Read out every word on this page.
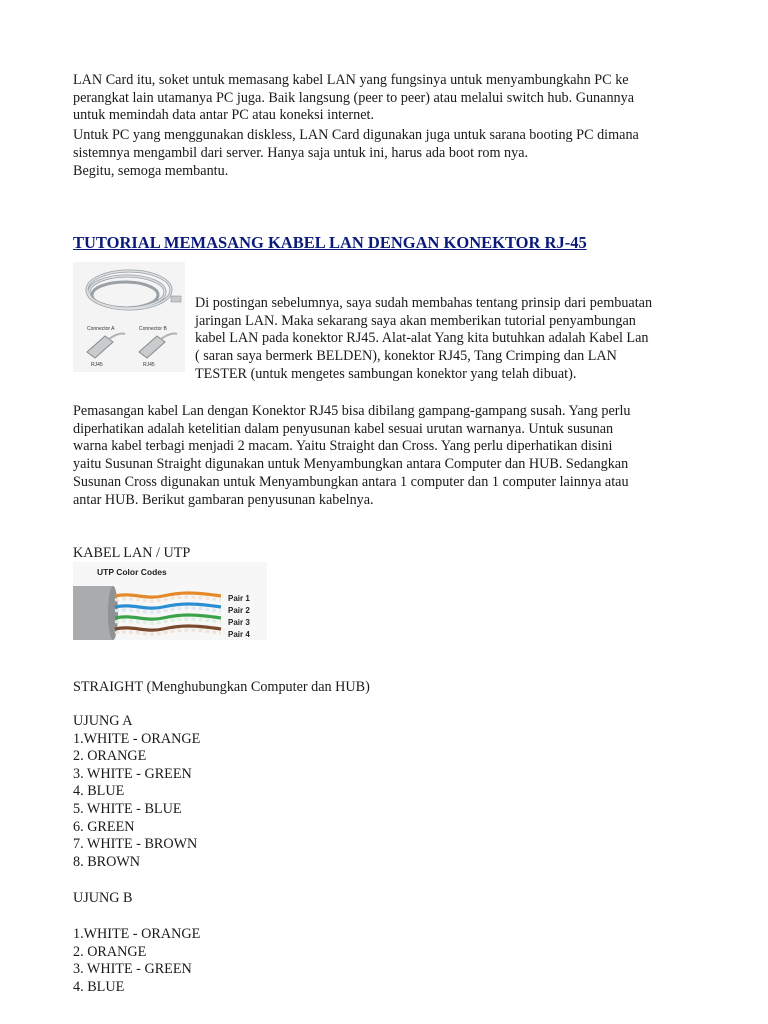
LAN Card itu, soket untuk memasang kabel LAN yang fungsinya untuk menyambungkahn PC ke
perangkat lain utamanya PC juga. Baik langsung (peer to peer) atau melalui switch hub. Gunannya
untuk memindah data antar PC atau koneksi internet.
Untuk PC yang menggunakan diskless, LAN Card digunakan juga untuk sarana booting PC dimana
sistemnya mengambil dari server. Hanya saja untuk ini, harus ada boot rom nya.
Begitu, semoga membantu.
TUTORIAL MEMASANG KABEL LAN DENGAN KONEKTOR RJ-45
Connector A	Connector B
RJ45	RJ45
Di postingan sebelumnya, saya sudah membahas tentang prinsip dari pembuatan
jaringan LAN. Maka sekarang saya akan memberikan tutorial penyambungan
kabel LAN pada konektor RJ45. Alat-alat Yang kita butuhkan adalah Kabel Lan
( saran saya bermerk BELDEN), konektor RJ45, Tang Crimping dan LAN
TESTER (untuk mengetes sambungan konektor yang telah dibuat).
Pemasangan kabel Lan dengan Konektor RJ45 bisa dibilang gampang-gampang susah. Yang perlu
diperhatikan adalah ketelitian dalam penyusunan kabel sesuai urutan warnanya. Untuk susunan
warna kabel terbagi menjadi 2 macam. Yaitu Straight dan Cross. Yang perlu diperhatikan disini
yaitu Susunan Straight digunakan untuk Menyambungkan antara Computer dan HUB. Sedangkan
Susunan Cross digunakan untuk Menyambungkan antara 1 computer dan 1 computer lainnya atau
antar HUB. Berikut gambaran penyusunan kabelnya.
KABEL LAN / UTP
UTP Color Codes
Pair 1
Pair 2
Pair 3
Pair 4
STRAIGHT (Menghubungkan Computer dan HUB)
UJUNG A
1.WHITE - ORANGE
2. ORANGE
3. WHITE - GREEN
4. BLUE
5. WHITE - BLUE
6. GREEN
7. WHITE - BROWN
8. BROWN
UJUNG B
1.WHITE - ORANGE
2. ORANGE
3. WHITE - GREEN
4. BLUE
